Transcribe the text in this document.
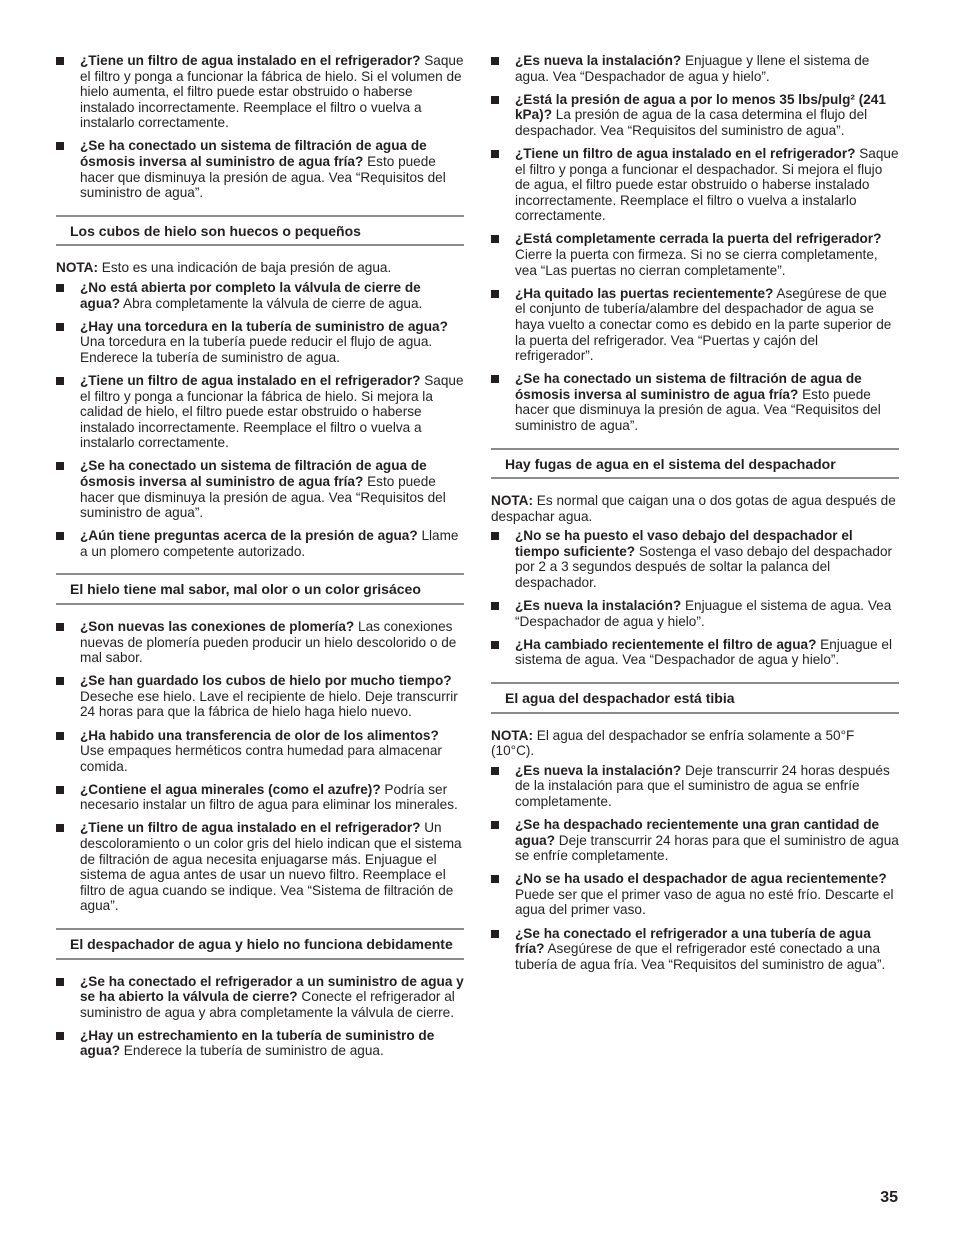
¿Tiene un filtro de agua instalado en el refrigerador? Saque el filtro y ponga a funcionar la fábrica de hielo. Si el volumen de hielo aumenta, el filtro puede estar obstruido o haberse instalado incorrectamente. Reemplace el filtro o vuelva a instalarlo correctamente.
¿Se ha conectado un sistema de filtración de agua de ósmosis inversa al suministro de agua fría? Esto puede hacer que disminuya la presión de agua. Vea “Requisitos del suministro de agua”.
Los cubos de hielo son huecos o pequeños
NOTA: Esto es una indicación de baja presión de agua.
¿No está abierta por completo la válvula de cierre de agua? Abra completamente la válvula de cierre de agua.
¿Hay una torcedura en la tubería de suministro de agua? Una torcedura en la tubería puede reducir el flujo de agua. Enderece la tubería de suministro de agua.
¿Tiene un filtro de agua instalado en el refrigerador? Saque el filtro y ponga a funcionar la fábrica de hielo. Si mejora la calidad de hielo, el filtro puede estar obstruido o haberse instalado incorrectamente. Reemplace el filtro o vuelva a instalarlo correctamente.
¿Se ha conectado un sistema de filtración de agua de ósmosis inversa al suministro de agua fría? Esto puede hacer que disminuya la presión de agua. Vea “Requisitos del suministro de agua”.
¿Aún tiene preguntas acerca de la presión de agua? Llame a un plomero competente autorizado.
El hielo tiene mal sabor, mal olor o un color grisáceo
¿Son nuevas las conexiones de plomería? Las conexiones nuevas de plomería pueden producir un hielo descolorido o de mal sabor.
¿Se han guardado los cubos de hielo por mucho tiempo? Deseche ese hielo. Lave el recipiente de hielo. Deje transcurrir 24 horas para que la fábrica de hielo haga hielo nuevo.
¿Ha habido una transferencia de olor de los alimentos? Use empaques herméticos contra humedad para almacenar comida.
¿Contiene el agua minerales (como el azufre)? Podría ser necesario instalar un filtro de agua para eliminar los minerales.
¿Tiene un filtro de agua instalado en el refrigerador? Un descoloramiento o un color gris del hielo indican que el sistema de filtración de agua necesita enjuagarse más. Enjuague el sistema de agua antes de usar un nuevo filtro. Reemplace el filtro de agua cuando se indique. Vea “Sistema de filtración de agua”.
El despachador de agua y hielo no funciona debidamente
¿Se ha conectado el refrigerador a un suministro de agua y se ha abierto la válvula de cierre? Conecte el refrigerador al suministro de agua y abra completamente la válvula de cierre.
¿Hay un estrechamiento en la tubería de suministro de agua? Enderece la tubería de suministro de agua.
¿Es nueva la instalación? Enjuague y llene el sistema de agua. Vea “Despachador de agua y hielo”.
¿Está la presión de agua a por lo menos 35 lbs/pulg² (241 kPa)? La presión de agua de la casa determina el flujo del despachador. Vea “Requisitos del suministro de agua”.
¿Tiene un filtro de agua instalado en el refrigerador? Saque el filtro y ponga a funcionar el despachador. Si mejora el flujo de agua, el filtro puede estar obstruido o haberse instalado incorrectamente. Reemplace el filtro o vuelva a instalarlo correctamente.
¿Está completamente cerrada la puerta del refrigerador? Cierre la puerta con firmeza. Si no se cierra completamente, vea “Las puertas no cierran completamente”.
¿Ha quitado las puertas recientemente? Asegúrese de que el conjunto de tubería/alambre del despachador de agua se haya vuelto a conectar como es debido en la parte superior de la puerta del refrigerador. Vea “Puertas y cajón del refrigerador”.
¿Se ha conectado un sistema de filtración de agua de ósmosis inversa al suministro de agua fría? Esto puede hacer que disminuya la presión de agua. Vea “Requisitos del suministro de agua”.
Hay fugas de agua en el sistema del despachador
NOTA: Es normal que caigan una o dos gotas de agua después de despachar agua.
¿No se ha puesto el vaso debajo del despachador el tiempo suficiente? Sostenga el vaso debajo del despachador por 2 a 3 segundos después de soltar la palanca del despachador.
¿Es nueva la instalación? Enjuague el sistema de agua. Vea “Despachador de agua y hielo”.
¿Ha cambiado recientemente el filtro de agua? Enjuague el sistema de agua. Vea “Despachador de agua y hielo”.
El agua del despachador está tibia
NOTA: El agua del despachador se enfría solamente a 50°F (10°C).
¿Es nueva la instalación? Deje transcurrir 24 horas después de la instalación para que el suministro de agua se enfríe completamente.
¿Se ha despachado recientemente una gran cantidad de agua? Deje transcurrir 24 horas para que el suministro de agua se enfríe completamente.
¿No se ha usado el despachador de agua recientemente? Puede ser que el primer vaso de agua no esté frío. Descarte el agua del primer vaso.
¿Se ha conectado el refrigerador a una tubería de agua fría? Asegúrese de que el refrigerador esté conectado a una tubería de agua fría. Vea “Requisitos del suministro de agua”.
35
